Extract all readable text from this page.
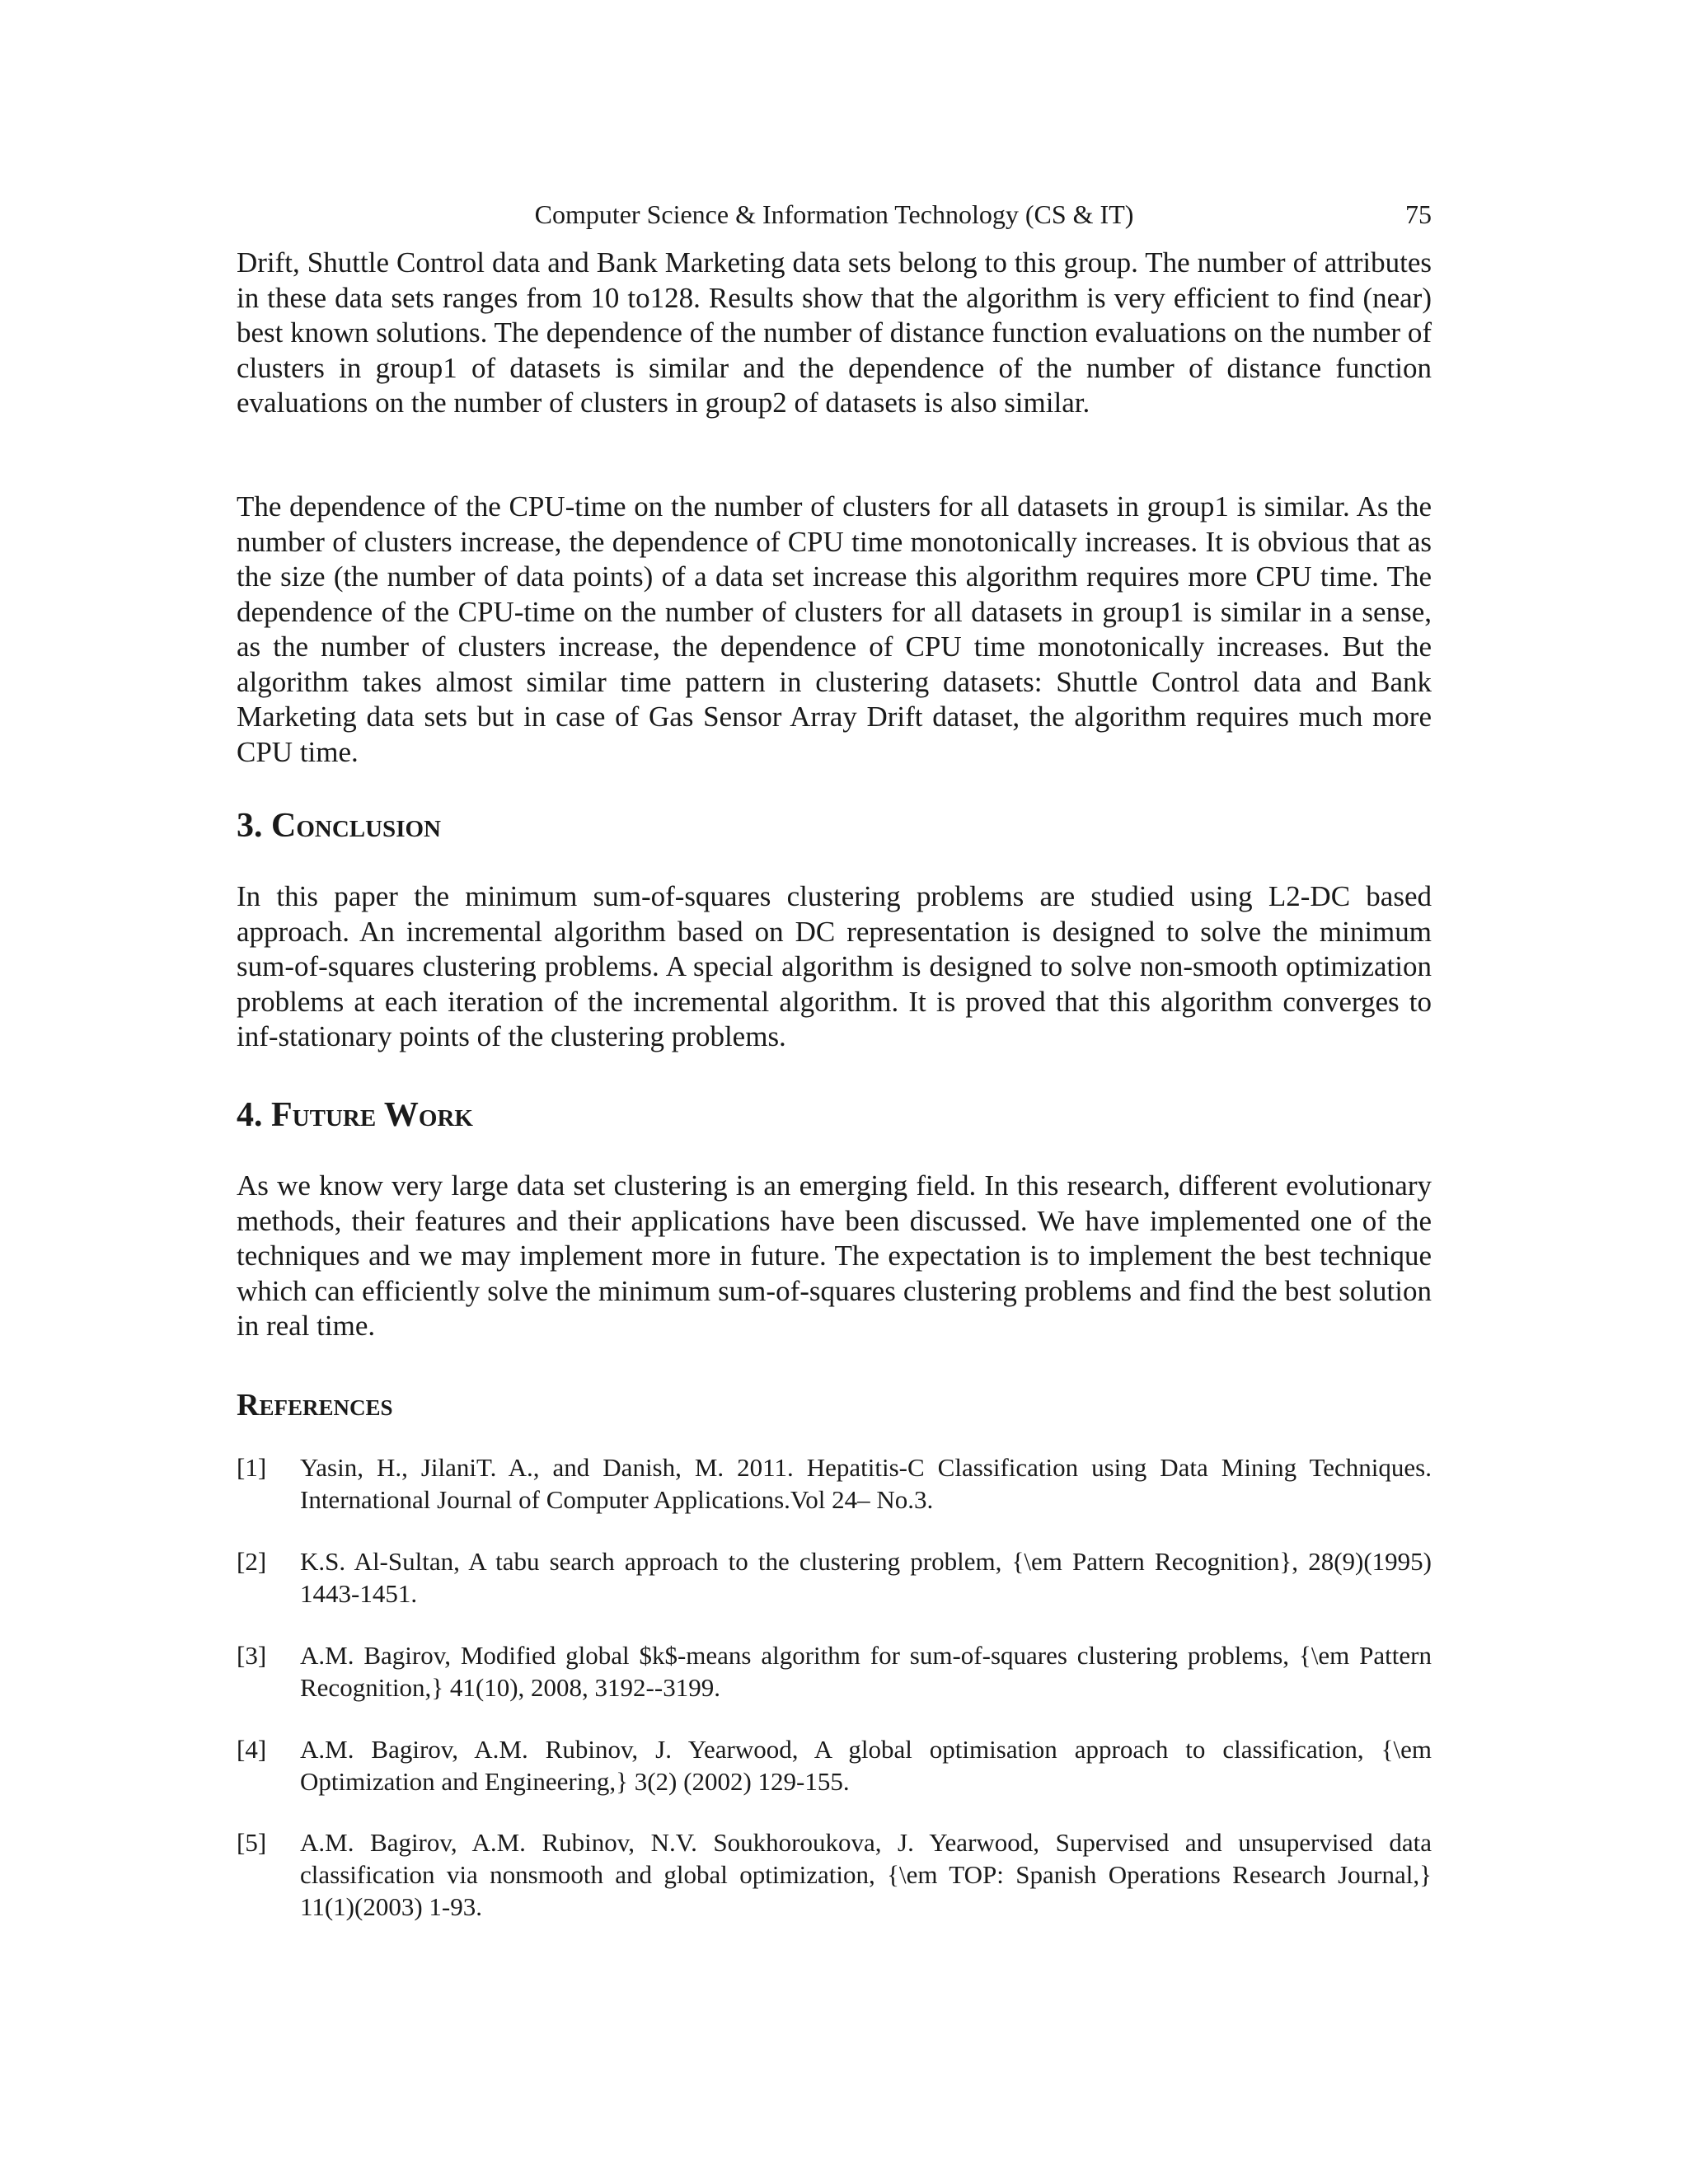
Computer Science & Information Technology (CS & IT)	75

Drift, Shuttle Control data and Bank Marketing data sets belong to this group. The number of attributes in these data sets ranges from 10 to128. Results show that the algorithm is very efficient to find (near) best known solutions. The dependence of the number of distance function evaluations on the number of clusters in group1 of datasets is similar and the dependence of the number of distance function evaluations on the number of clusters in group2 of datasets is also similar.

The dependence of the CPU-time on the number of clusters for all datasets in group1 is similar. As the number of clusters increase, the dependence of CPU time monotonically increases. It is obvious that as the size (the number of data points) of a data set increase this algorithm requires more CPU time. The dependence of the CPU-time on the number of clusters for all datasets in group1 is similar in a sense, as the number of clusters increase, the dependence of CPU time monotonically increases. But the algorithm takes almost similar time pattern in clustering datasets: Shuttle Control data and Bank Marketing data sets but in case of Gas Sensor Array Drift dataset, the algorithm requires much more CPU time.

3. Conclusion

In this paper the minimum sum-of-squares clustering problems are studied using L2-DC based approach. An incremental algorithm based on DC representation is designed to solve the minimum sum-of-squares clustering problems. A special algorithm is designed to solve non-smooth optimization problems at each iteration of the incremental algorithm. It is proved that this algorithm converges to inf-stationary points of the clustering problems.

4. Future Work

As we know very large data set clustering is an emerging field. In this research, different evolutionary methods, their features and their applications have been discussed. We have implemented one of the techniques and we may implement more in future. The expectation is to implement the best technique which can efficiently solve the minimum sum-of-squares clustering problems and find the best solution in real time.

References
[1] Yasin, H., JilaniT. A., and Danish, M. 2011. Hepatitis-C Classification using Data Mining Techniques. International Journal of Computer Applications.Vol 24– No.3.
[2] K.S. Al-Sultan, A tabu search approach to the clustering problem, {\em Pattern Recognition}, 28(9)(1995) 1443-1451.
[3] A.M. Bagirov, Modified global $k$-means algorithm for sum-of-squares clustering problems, {\em Pattern Recognition,} 41(10), 2008, 3192--3199.
[4] A.M. Bagirov, A.M. Rubinov, J. Yearwood, A global optimisation approach to classification, {\em Optimization and Engineering,} 3(2) (2002) 129-155.
[5] A.M. Bagirov, A.M. Rubinov, N.V. Soukhoroukova, J. Yearwood, Supervised and unsupervised data classification via nonsmooth and global optimization, {\em TOP: Spanish Operations Research Journal,} 11(1)(2003) 1-93.
